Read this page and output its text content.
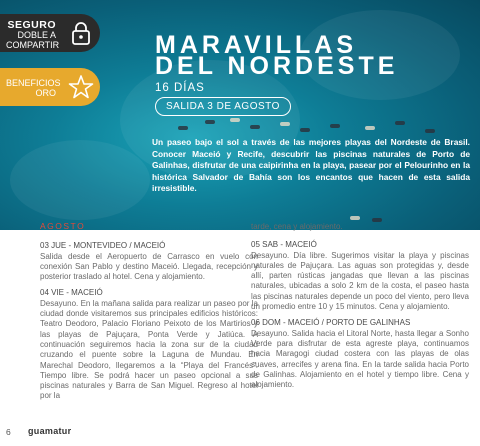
SEGURO
DOBLE A
COMPARTIR
BENEFICIOS
ORO
MARAVILLAS
DEL NORDESTE
16 DÍAS
SALIDA 3 DE AGOSTO
Un paseo bajo el sol a través de las mejores playas del Nordeste de Brasil. Conocer Maceió y Recife, descubrir las piscinas naturales de Porto de Galinhas, disfrutar de una caipirinha en la playa, pasear por el Pelourinho en la histórica Salvador de Bahía son los encantos que hacen de esta salida irresistible.
AGOSTO

03 JUE - MONTEVIDEO / MACEIÓ
Salida desde el Aeropuerto de Carrasco en vuelo con conexión San Pablo y destino Maceió. Llegada, recepción y posterior traslado al hotel. Cena y alojamiento.

04 VIE - MACEIÓ
Desayuno. En la mañana salida para realizar un paseo por la ciudad donde visitaremos sus principales edificios históricos: Teatro Deodoro, Palacio Floriano Peixoto de los Martirios y las playas de Pajuçara, Ponta Verde y Jatiúca. A continuación seguiremos hacia la zona sur de la ciudad cruzando el puente sobre la Laguna de Mundau. En Marechal Deodoro, llegaremos a la “Playa del Francés”. Tiempo libre. Se podrá hacer un paseo opcional a sus piscinas naturales y Barra de San Miguel. Regreso al hotel por la

tarde, cena y alojamiento.

05 SAB - MACEIÓ
Desayuno. Día libre. Sugerimos visitar la playa y piscinas naturales de Pajuçara. Las aguas son protegidas y, desde allí, parten rústicas jangadas que llevan a las piscinas naturales, ubicadas a solo 2 km de la costa, el paseo hasta las piscinas naturales depende un poco del viento, pero lleva un promedio entre 10 y 15 minutos. Cena y alojamiento.

06 DOM - MACEIÓ / PORTO DE GALINHAS
Desayuno. Salida hacia el Litoral Norte, hasta llegar a Sonho Verde para disfrutar de esta agreste playa, continuamos hacia Maragogi ciudad costera con las playas de olas suaves, arrecifes y arena fina. En la tarde salida hacia Porto de Galinhas. Alojamiento en el hotel y tiempo libre. Cena y alojamiento.

6 guamatur
